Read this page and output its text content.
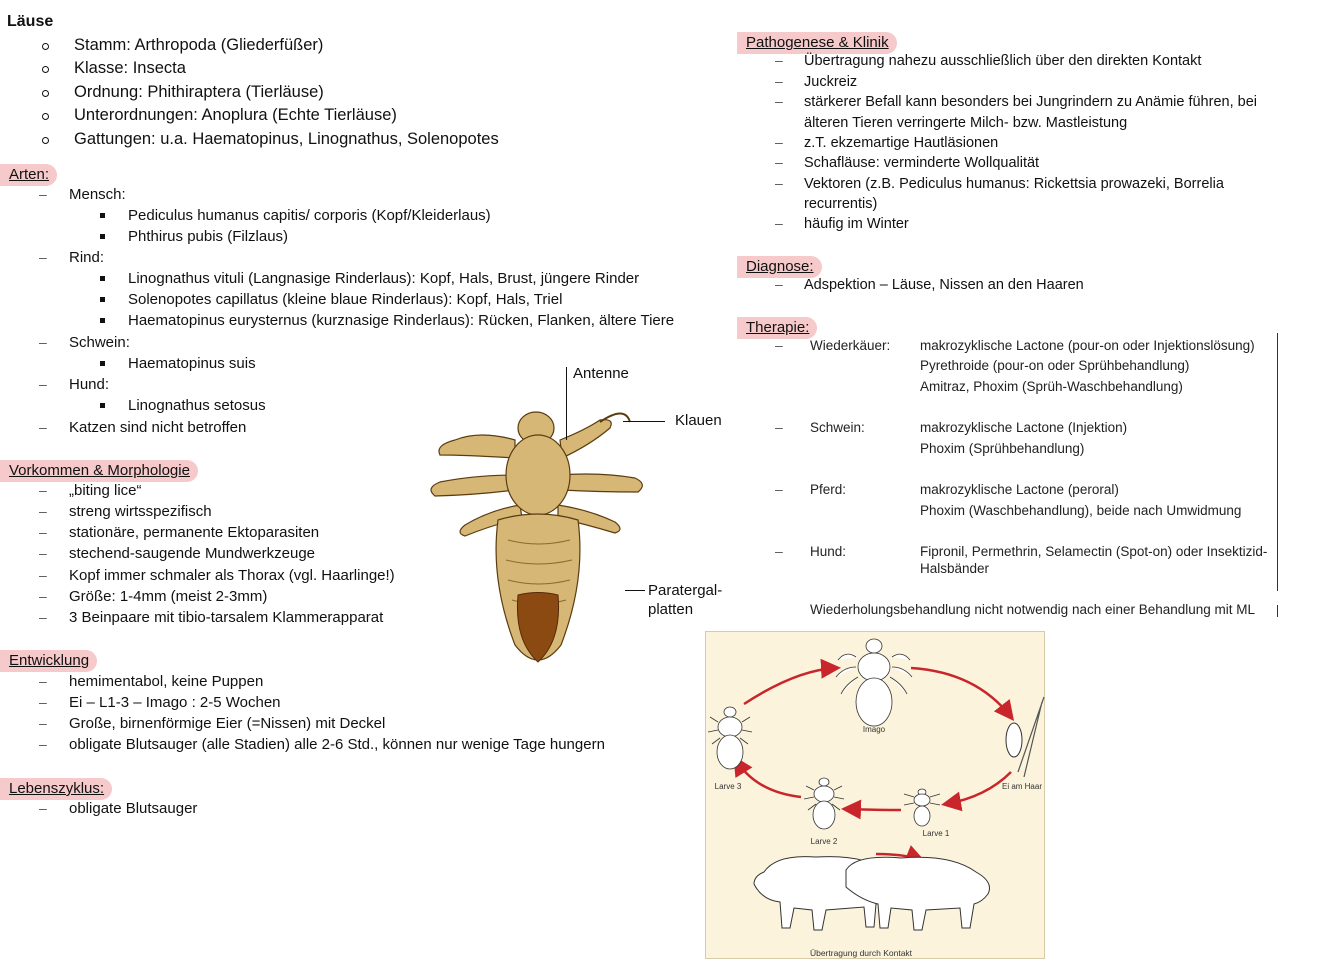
Läuse
Stamm: Arthropoda (Gliederfüßer)
Klasse: Insecta
Ordnung: Phithiraptera (Tierläuse)
Unterordnungen: Anoplura (Echte Tierläuse)
Gattungen: u.a. Haematopinus, Linognathus, Solenopotes
Arten:
– Mensch:
Pediculus humanus capitis/ corporis (Kopf/Kleiderlaus)
Phthirus pubis (Filzlaus)
– Rind:
Linognathus vituli (Langnasige Rinderlaus): Kopf, Hals, Brust, jüngere Rinder
Solenopotes capillatus (kleine blaue Rinderlaus): Kopf, Hals, Triel
Haematopinus eurysternus (kurznasige Rinderlaus): Rücken, Flanken, ältere Tiere
– Schwein:
Haematopinus suis
– Hund:
Linognathus setosus
– Katzen sind nicht betroffen
Vorkommen & Morphologie
– „biting lice“
– streng wirtsspezifisch
– stationäre, permanente Ektoparasiten
– stechend-saugende Mundwerkzeuge
– Kopf immer schmaler als Thorax (vgl. Haarlinge!)
– Größe: 1-4mm (meist 2-3mm)
– 3 Beinpaare mit tibio-tarsalem Klammerapparat
Entwicklung
– hemimentabol, keine Puppen
– Ei – L1-3 – Imago : 2-5 Wochen
– Große, birnenförmige Eier (=Nissen) mit Deckel
– obligate Blutsauger (alle Stadien) alle 2-6 Std., können nur wenige Tage hungern
Lebenszyklus:
– obligate Blutsauger
Antenne
Klauen
Paratergal-
platten
Pathogenese & Klinik
– Übertragung nahezu ausschließlich über den direkten Kontakt
– Juckreiz
– stärkerer Befall kann besonders bei Jungrindern zu Anämie führen, bei
älteren Tieren verringerte Milch- bzw. Mastleistung
– z.T. ekzemartige Hautläsionen
– Schafläuse: verminderte Wollqualität
– Vektoren (z.B. Pediculus humanus: Rickettsia prowazeki, Borrelia
recurrentis)
– häufig im Winter
Diagnose:
– Adspektion – Läuse, Nissen an den Haaren
Therapie:
– Wiederkäuer: makrozyklische Lactone (pour-on oder Injektionslösung)
Pyrethroide (pour-on oder Sprühbehandlung)
Amitraz, Phoxim (Sprüh-Waschbehandlung)
– Schwein:	makrozyklische Lactone (Injektion)
Phoxim (Sprühbehandlung)
– Pferd:	makrozyklische Lactone (peroral)
Phoxim (Waschbehandlung), beide nach Umwidmung
– Hund:	Fipronil, Permethrin, Selamectin (Spot-on) oder Insektizid-
Halsbänder
Wiederholungsbehandlung nicht notwendig nach einer Behandlung mit ML
Imago
Ei am Haar
Larve 3
Larve 2
Larve 1
Übertragung durch Kontakt
